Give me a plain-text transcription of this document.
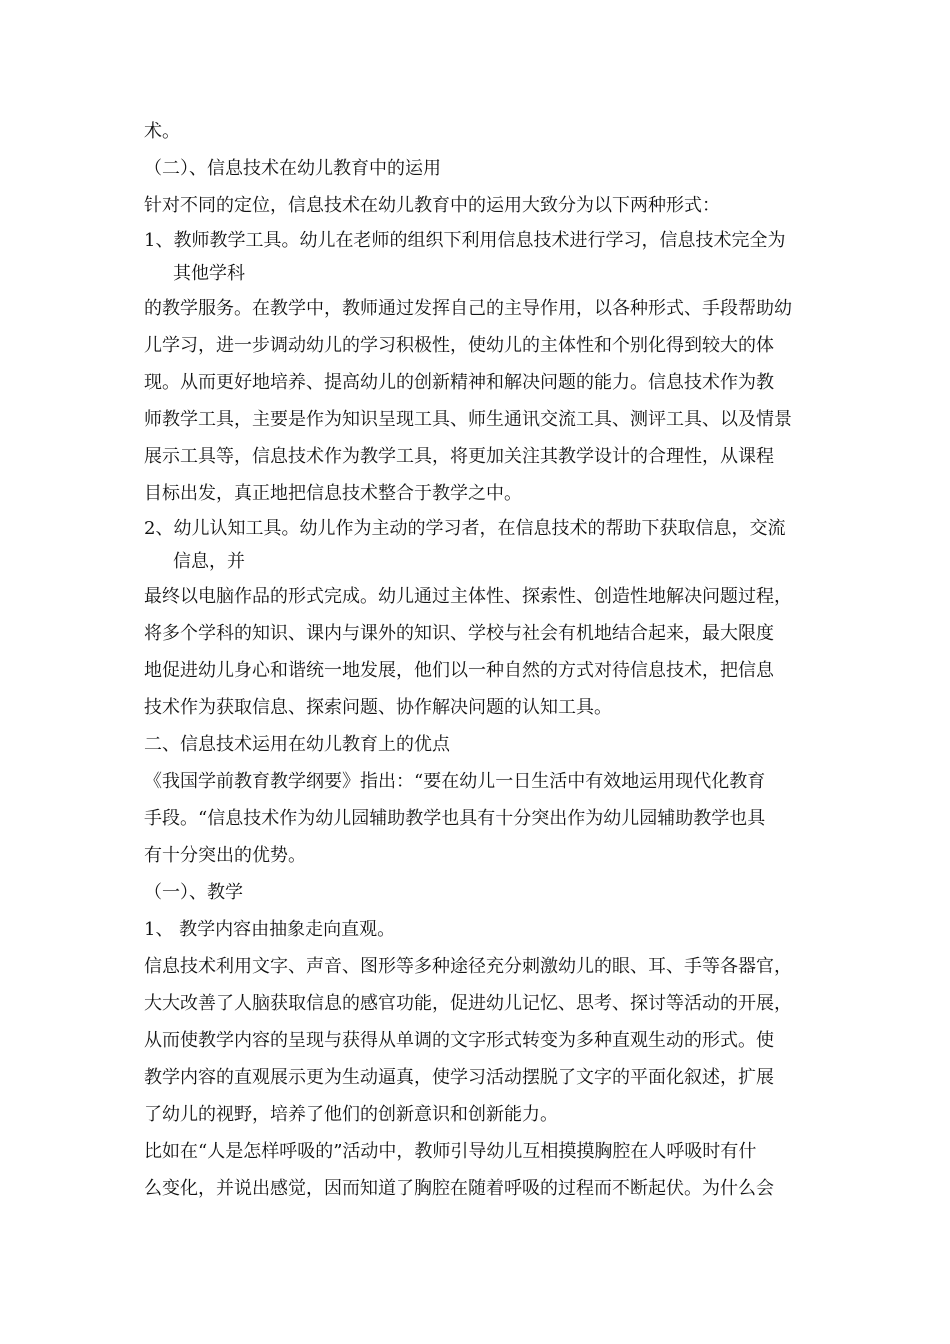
术。
（二）、信息技术在幼儿教育中的运用
针对不同的定位，信息技术在幼儿教育中的运用大致分为以下两种形式：
1、教师教学工具。幼儿在老师的组织下利用信息技术进行学习，信息技术完全为
其他学科
的教学服务。在教学中，教师通过发挥自己的主导作用，以各种形式、手段帮助幼
儿学习，进一步调动幼儿的学习积极性，使幼儿的主体性和个别化得到较大的体
现。从而更好地培养、提高幼儿的创新精神和解决问题的能力。信息技术作为教
师教学工具，主要是作为知识呈现工具、师生通讯交流工具、测评工具、以及情景
展示工具等，信息技术作为教学工具，将更加关注其教学设计的合理性，从课程
目标出发，真正地把信息技术整合于教学之中。
2、幼儿认知工具。幼儿作为主动的学习者，在信息技术的帮助下获取信息，交流
信息，并
最终以电脑作品的形式完成。幼儿通过主体性、探索性、创造性地解决问题过程，
将多个学科的知识、课内与课外的知识、学校与社会有机地结合起来，最大限度
地促进幼儿身心和谐统一地发展，他们以一种自然的方式对待信息技术，把信息
技术作为获取信息、探索问题、协作解决问题的认知工具。
二、信息技术运用在幼儿教育上的优点
《我国学前教育教学纲要》指出：“要在幼儿一日生活中有效地运用现代化教育
手段。“信息技术作为幼儿园辅助教学也具有十分突出作为幼儿园辅助教学也具
有十分突出的优势。
（一）、教学
1、 教学内容由抽象走向直观。
信息技术利用文字、声音、图形等多种途径充分刺激幼儿的眼、耳、手等各器官，
大大改善了人脑获取信息的感官功能，促进幼儿记忆、思考、探讨等活动的开展，
从而使教学内容的呈现与获得从单调的文字形式转变为多种直观生动的形式。使
教学内容的直观展示更为生动逼真，使学习活动摆脱了文字的平面化叙述，扩展
了幼儿的视野，培养了他们的创新意识和创新能力。
比如在“人是怎样呼吸的”活动中，教师引导幼儿互相摸摸胸腔在人呼吸时有什
么变化，并说出感觉，因而知道了胸腔在随着呼吸的过程而不断起伏。为什么会
